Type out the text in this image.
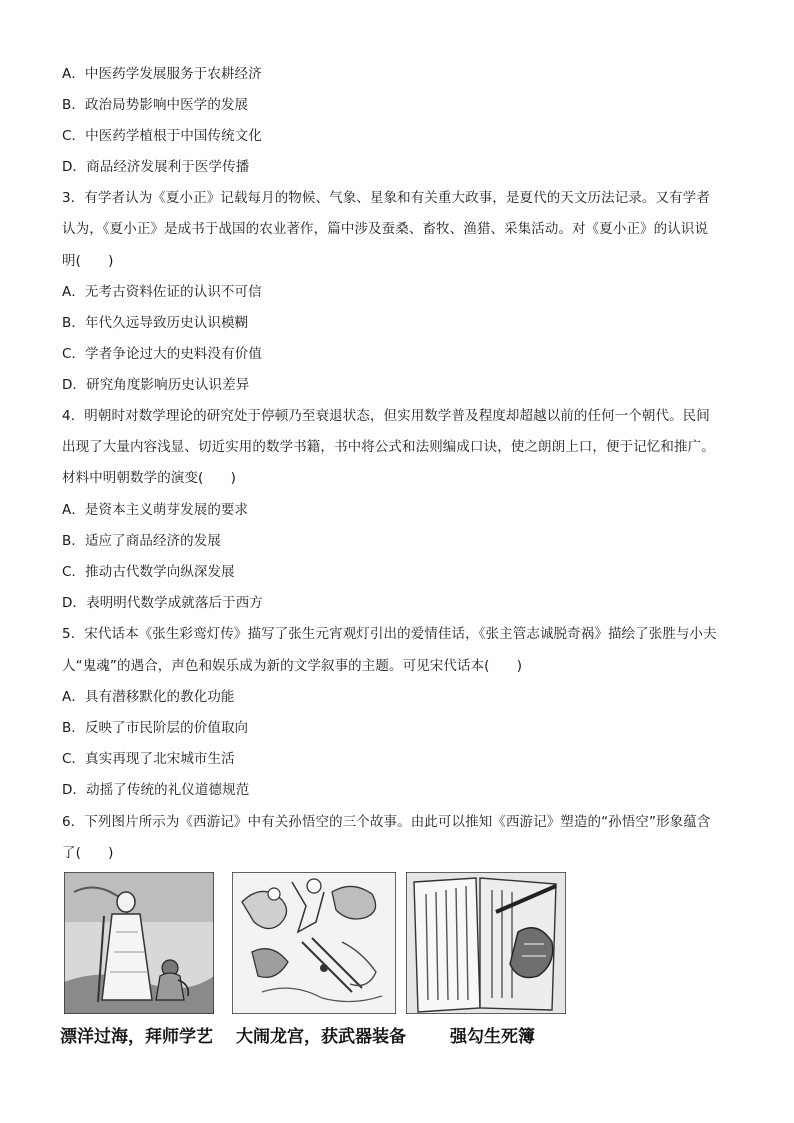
A．中医药学发展服务于农耕经济
B．政治局势影响中医学的发展
C．中医药学植根于中国传统文化
D．商品经济发展利于医学传播
3．有学者认为《夏小正》记载每月的物候、气象、星象和有关重大政事，是夏代的天文历法记录。又有学者
认为，《夏小正》是成书于战国的农业著作，篇中涉及蚕桑、畜牧、渔猎、采集活动。对《夏小正》的认识说
明(　　)
A．无考古资料佐证的认识不可信
B．年代久远导致历史认识模糊
C．学者争论过大的史料没有价值
D．研究角度影响历史认识差异
4．明朝时对数学理论的研究处于停顿乃至衰退状态，但实用数学普及程度却超越以前的任何一个朝代。民间
出现了大量内容浅显、切近实用的数学书籍，书中将公式和法则编成口诀，使之朗朗上口，便于记忆和推广。
材料中明朝数学的演变(　　)
A．是资本主义萌芽发展的要求
B．适应了商品经济的发展
C．推动古代数学向纵深发展
D．表明明代数学成就落后于西方
5．宋代话本《张生彩鸾灯传》描写了张生元宵观灯引出的爱情佳话，《张主管志诚脱奇祸》描绘了张胜与小夫
人“鬼魂”的遇合，声色和娱乐成为新的文学叙事的主题。可见宋代话本(　　)
A．具有潜移默化的教化功能
B．反映了市民阶层的价值取向
C．真实再现了北宋城市生活
D．动摇了传统的礼仪道德规范
6．下列图片所示为《西游记》中有关孙悟空的三个故事。由此可以推知《西游记》塑造的“孙悟空”形象蕴含
了(　　)
漂洋过海，拜师学艺 大闹龙宫，获武器装备	强勾生死簿
